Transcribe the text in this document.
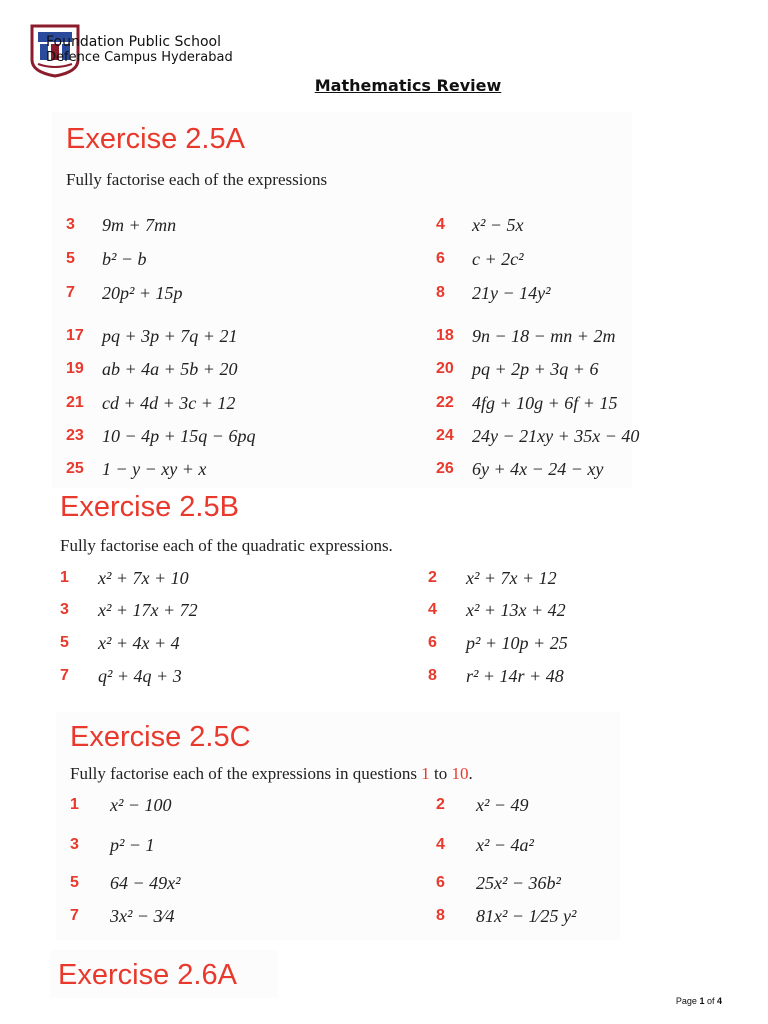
Foundation Public School
Defence Campus Hyderabad
Mathematics Review
Exercise 2.5A
Fully factorise each of the expressions
3	9m + 7mn	4	x² − 5x
5	b² − b	6	c + 2c²
7	20p² + 15p	8	21y − 14y²
17	pq + 3p + 7q + 21	18	9n − 18 − mn + 2m
19	ab + 4a + 5b + 20	20	pq + 2p + 3q + 6
21	cd + 4d + 3c + 12	22	4fg + 10g + 6f + 15
23	10 − 4p + 15q − 6pq	24	24y − 21xy + 35x − 40
25	1 − y − xy + x	26	6y + 4x − 24 − xy
Exercise 2.5B
Fully factorise each of the quadratic expressions.
1	x² + 7x + 10	2	x² + 7x + 12
3	x² + 17x + 72	4	x² + 13x + 42
5	x² + 4x + 4	6	p² + 10p + 25
7	q² + 4q + 3	8	r² + 14r + 48
Exercise 2.5C
Fully factorise each of the expressions in questions 1 to 10.
1	x² − 100	2	x² − 49
3	p² − 1	4	x² − 4a²
5	64 − 49x²	6	25x² − 36b²
7	3x² − 3⁄4	8	81x² − 1⁄25 y²
Exercise 2.6A
Page 1 of 4
